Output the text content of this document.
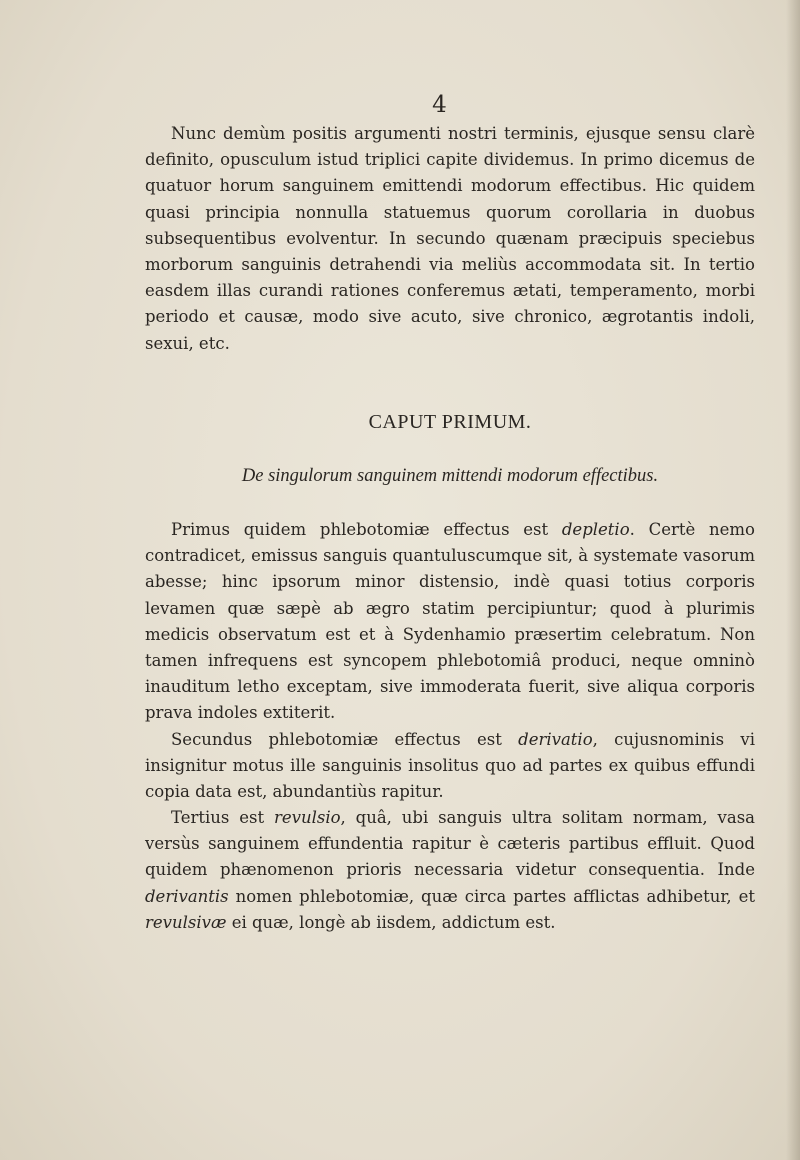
4

Nunc demùm positis argumenti nostri terminis, ejusque sensu clarè definito, opusculum istud triplici capite dividemus. In primo dicemus de quatuor horum sanguinem emittendi modorum effectibus. Hic quidem quasi principia nonnulla statuemus quorum corollaria in duobus subsequentibus evolventur. In secundo quænam præcipuis speciebus morborum sanguinis detrahendi via meliùs accommodata sit. In tertio easdem illas curandi rationes conferemus ætati, temperamento, morbi periodo et causæ, modo sive acuto, sive chronico, ægrotantis indoli, sexui, etc.

CAPUT PRIMUM.
De singulorum sanguinem mittendi modorum effectibus.

Primus quidem phlebotomiæ effectus est depletio. Certè nemo contradicet, emissus sanguis quantuluscumque sit, à systemate vasorum abesse; hinc ipsorum minor distensio, indè quasi totius corporis levamen quæ sæpè ab ægro statim percipiuntur; quod à plurimis medicis observatum est et à Sydenhamio præsertim celebratum. Non tamen infrequens est syncopem phlebotomiâ produci, neque omninò inauditum letho exceptam, sive immoderata fuerit, sive aliqua corporis prava indoles extiterit.

Secundus phlebotomiæ effectus est derivatio, cujusnominis vi insignitur motus ille sanguinis insolitus quo ad partes ex quibus effundi copia data est, abundantiùs rapitur.

Tertius est revulsio, quâ, ubi sanguis ultra solitam normam, vasa versùs sanguinem effundentia rapitur è cæteris partibus effluit. Quod quidem phænomenon prioris necessaria videtur consequentia. Inde derivantis nomen phlebotomiæ, quæ circa partes afflictas adhibetur, et revulsivæ ei quæ, longè ab iisdem, addictum est.
